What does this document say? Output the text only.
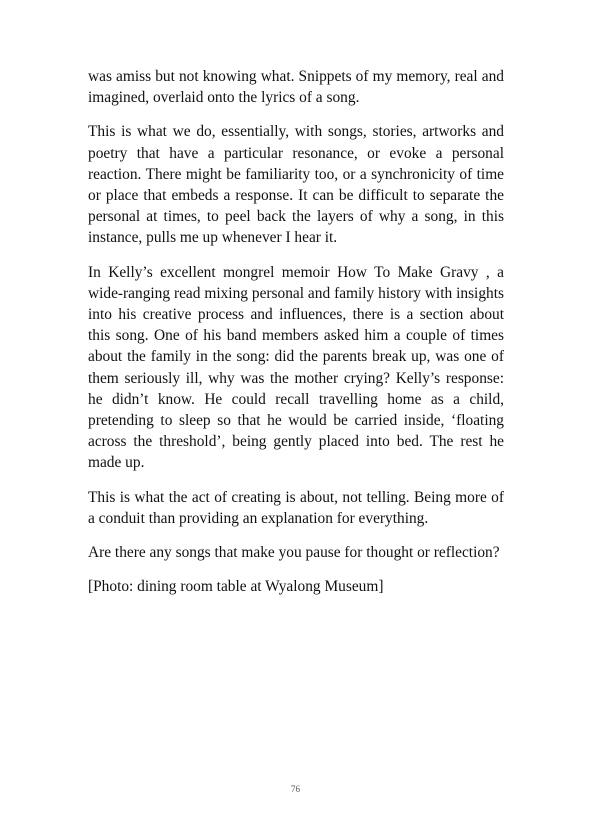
was amiss but not knowing what. Snippets of my memory, real and imagined, overlaid onto the lyrics of a song.

This is what we do, essentially, with songs, stories, artworks and poetry that have a particular resonance, or evoke a personal reaction. There might be familiarity too, or a synchronicity of time or place that embeds a response. It can be difficult to separate the personal at times, to peel back the layers of why a song, in this instance, pulls me up whenever I hear it.

In Kelly’s excellent mongrel memoir How To Make Gravy , a wide-ranging read mixing personal and family history with insights into his creative process and influences, there is a section about this song. One of his band members asked him a couple of times about the family in the song: did the parents break up, was one of them seriously ill, why was the mother crying? Kelly’s response: he didn’t know. He could recall travelling home as a child, pretending to sleep so that he would be carried inside, ‘floating across the threshold’, being gently placed into bed. The rest he made up.

This is what the act of creating is about, not telling. Being more of a conduit than providing an explanation for everything.

Are there any songs that make you pause for thought or reflection?

[Photo: dining room table at Wyalong Museum]

76
